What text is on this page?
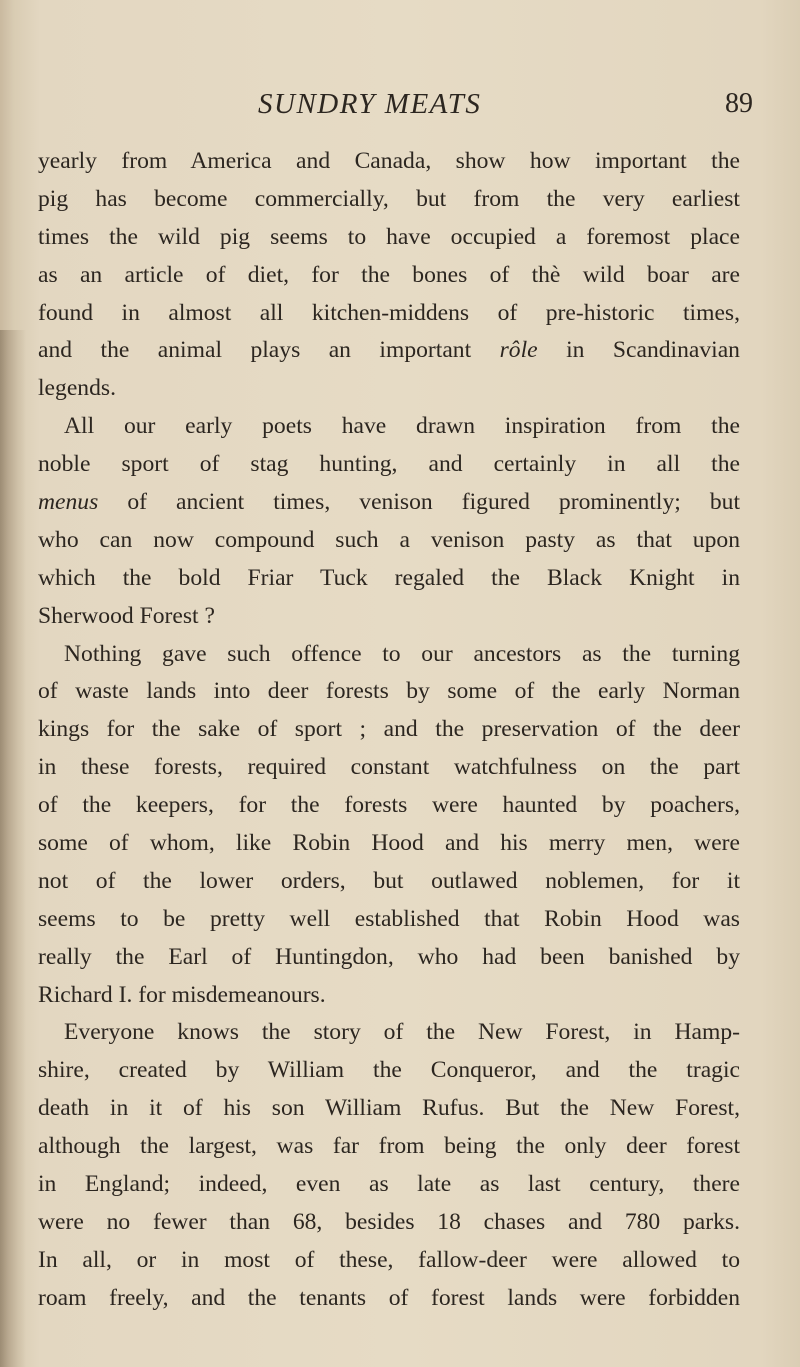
SUNDRY MEATS	89
yearly from America and Canada, show how important the
pig has become commercially, but from the very earliest
times the wild pig seems to have occupied a foremost place
as an article of diet, for the bones of thè wild boar are
found in almost all kitchen-middens of pre-historic times,
and the animal plays an important rôle in Scandinavian
legends.
All our early poets have drawn inspiration from the
noble sport of stag hunting, and certainly in all the
menus of ancient times, venison figured prominently; but
who can now compound such a venison pasty as that upon
which the bold Friar Tuck regaled the Black Knight in
Sherwood Forest ?
Nothing gave such offence to our ancestors as the turning
of waste lands into deer forests by some of the early Norman
kings for the sake of sport ; and the preservation of the deer
in these forests, required constant watchfulness on the part
of the keepers, for the forests were haunted by poachers,
some of whom, like Robin Hood and his merry men, were
not of the lower orders, but outlawed noblemen, for it
seems to be pretty well established that Robin Hood was
really the Earl of Huntingdon, who had been banished by
Richard I. for misdemeanours.
Everyone knows the story of the New Forest, in Hamp-
shire, created by William the Conqueror, and the tragic
death in it of his son William Rufus. But the New Forest,
although the largest, was far from being the only deer forest
in England; indeed, even as late as last century, there
were no fewer than 68, besides 18 chases and 780 parks.
In all, or in most of these, fallow-deer were allowed to
roam freely, and the tenants of forest lands were forbidden
